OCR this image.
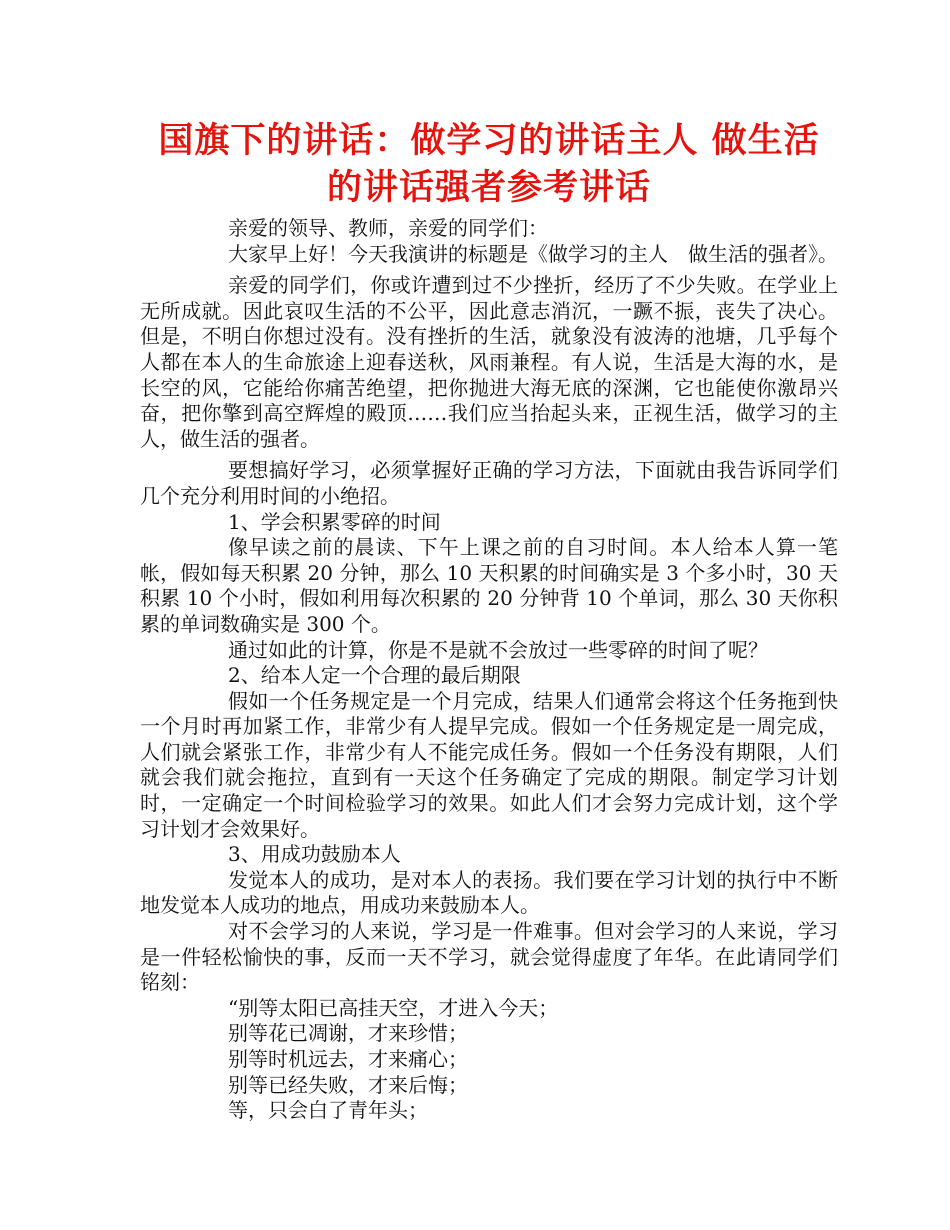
国旗下的讲话：做学习的讲话主人 做生活
的讲话强者参考讲话

亲爱的领导、教师，亲爱的同学们：

大家早上好！今天我演讲的标题是《做学习的主人　做生活的强者》。

亲爱的同学们，你或许遭到过不少挫折，经历了不少失败。在学业上无所成就。因此哀叹生活的不公平，因此意志消沉，一蹶不振，丧失了决心。但是，不明白你想过没有。没有挫折的生活，就象没有波涛的池塘，几乎每个人都在本人的生命旅途上迎春送秋，风雨兼程。有人说，生活是大海的水，是长空的风，它能给你痛苦绝望，把你抛进大海无底的深渊，它也能使你激昂兴奋，把你擎到高空辉煌的殿顶……我们应当抬起头来，正视生活，做学习的主人，做生活的强者。

要想搞好学习，必须掌握好正确的学习方法，下面就由我告诉同学们几个充分利用时间的小绝招。

1、学会积累零碎的时间

像早读之前的晨读、下午上课之前的自习时间。本人给本人算一笔帐，假如每天积累 20 分钟，那么 10 天积累的时间确实是 3 个多小时，30 天积累 10 个小时，假如利用每次积累的 20 分钟背 10 个单词，那么 30 天你积累的单词数确实是 300 个。

通过如此的计算，你是不是就不会放过一些零碎的时间了呢？

2、给本人定一个合理的最后期限

假如一个任务规定是一个月完成，结果人们通常会将这个任务拖到快一个月时再加紧工作，非常少有人提早完成。假如一个任务规定是一周完成，人们就会紧张工作，非常少有人不能完成任务。假如一个任务没有期限，人们就会我们就会拖拉，直到有一天这个任务确定了完成的期限。制定学习计划时，一定确定一个时间检验学习的效果。如此人们才会努力完成计划，这个学习计划才会效果好。

3、用成功鼓励本人

发觉本人的成功，是对本人的表扬。我们要在学习计划的执行中不断地发觉本人成功的地点，用成功来鼓励本人。

对不会学习的人来说，学习是一件难事。但对会学习的人来说，学习是一件轻松愉快的事，反而一天不学习，就会觉得虚度了年华。在此请同学们铭刻：

“别等太阳已高挂天空，才进入今天；

别等花已凋谢，才来珍惜；

别等时机远去，才来痛心；

别等已经失败，才来后悔；

等，只会白了青年头；
